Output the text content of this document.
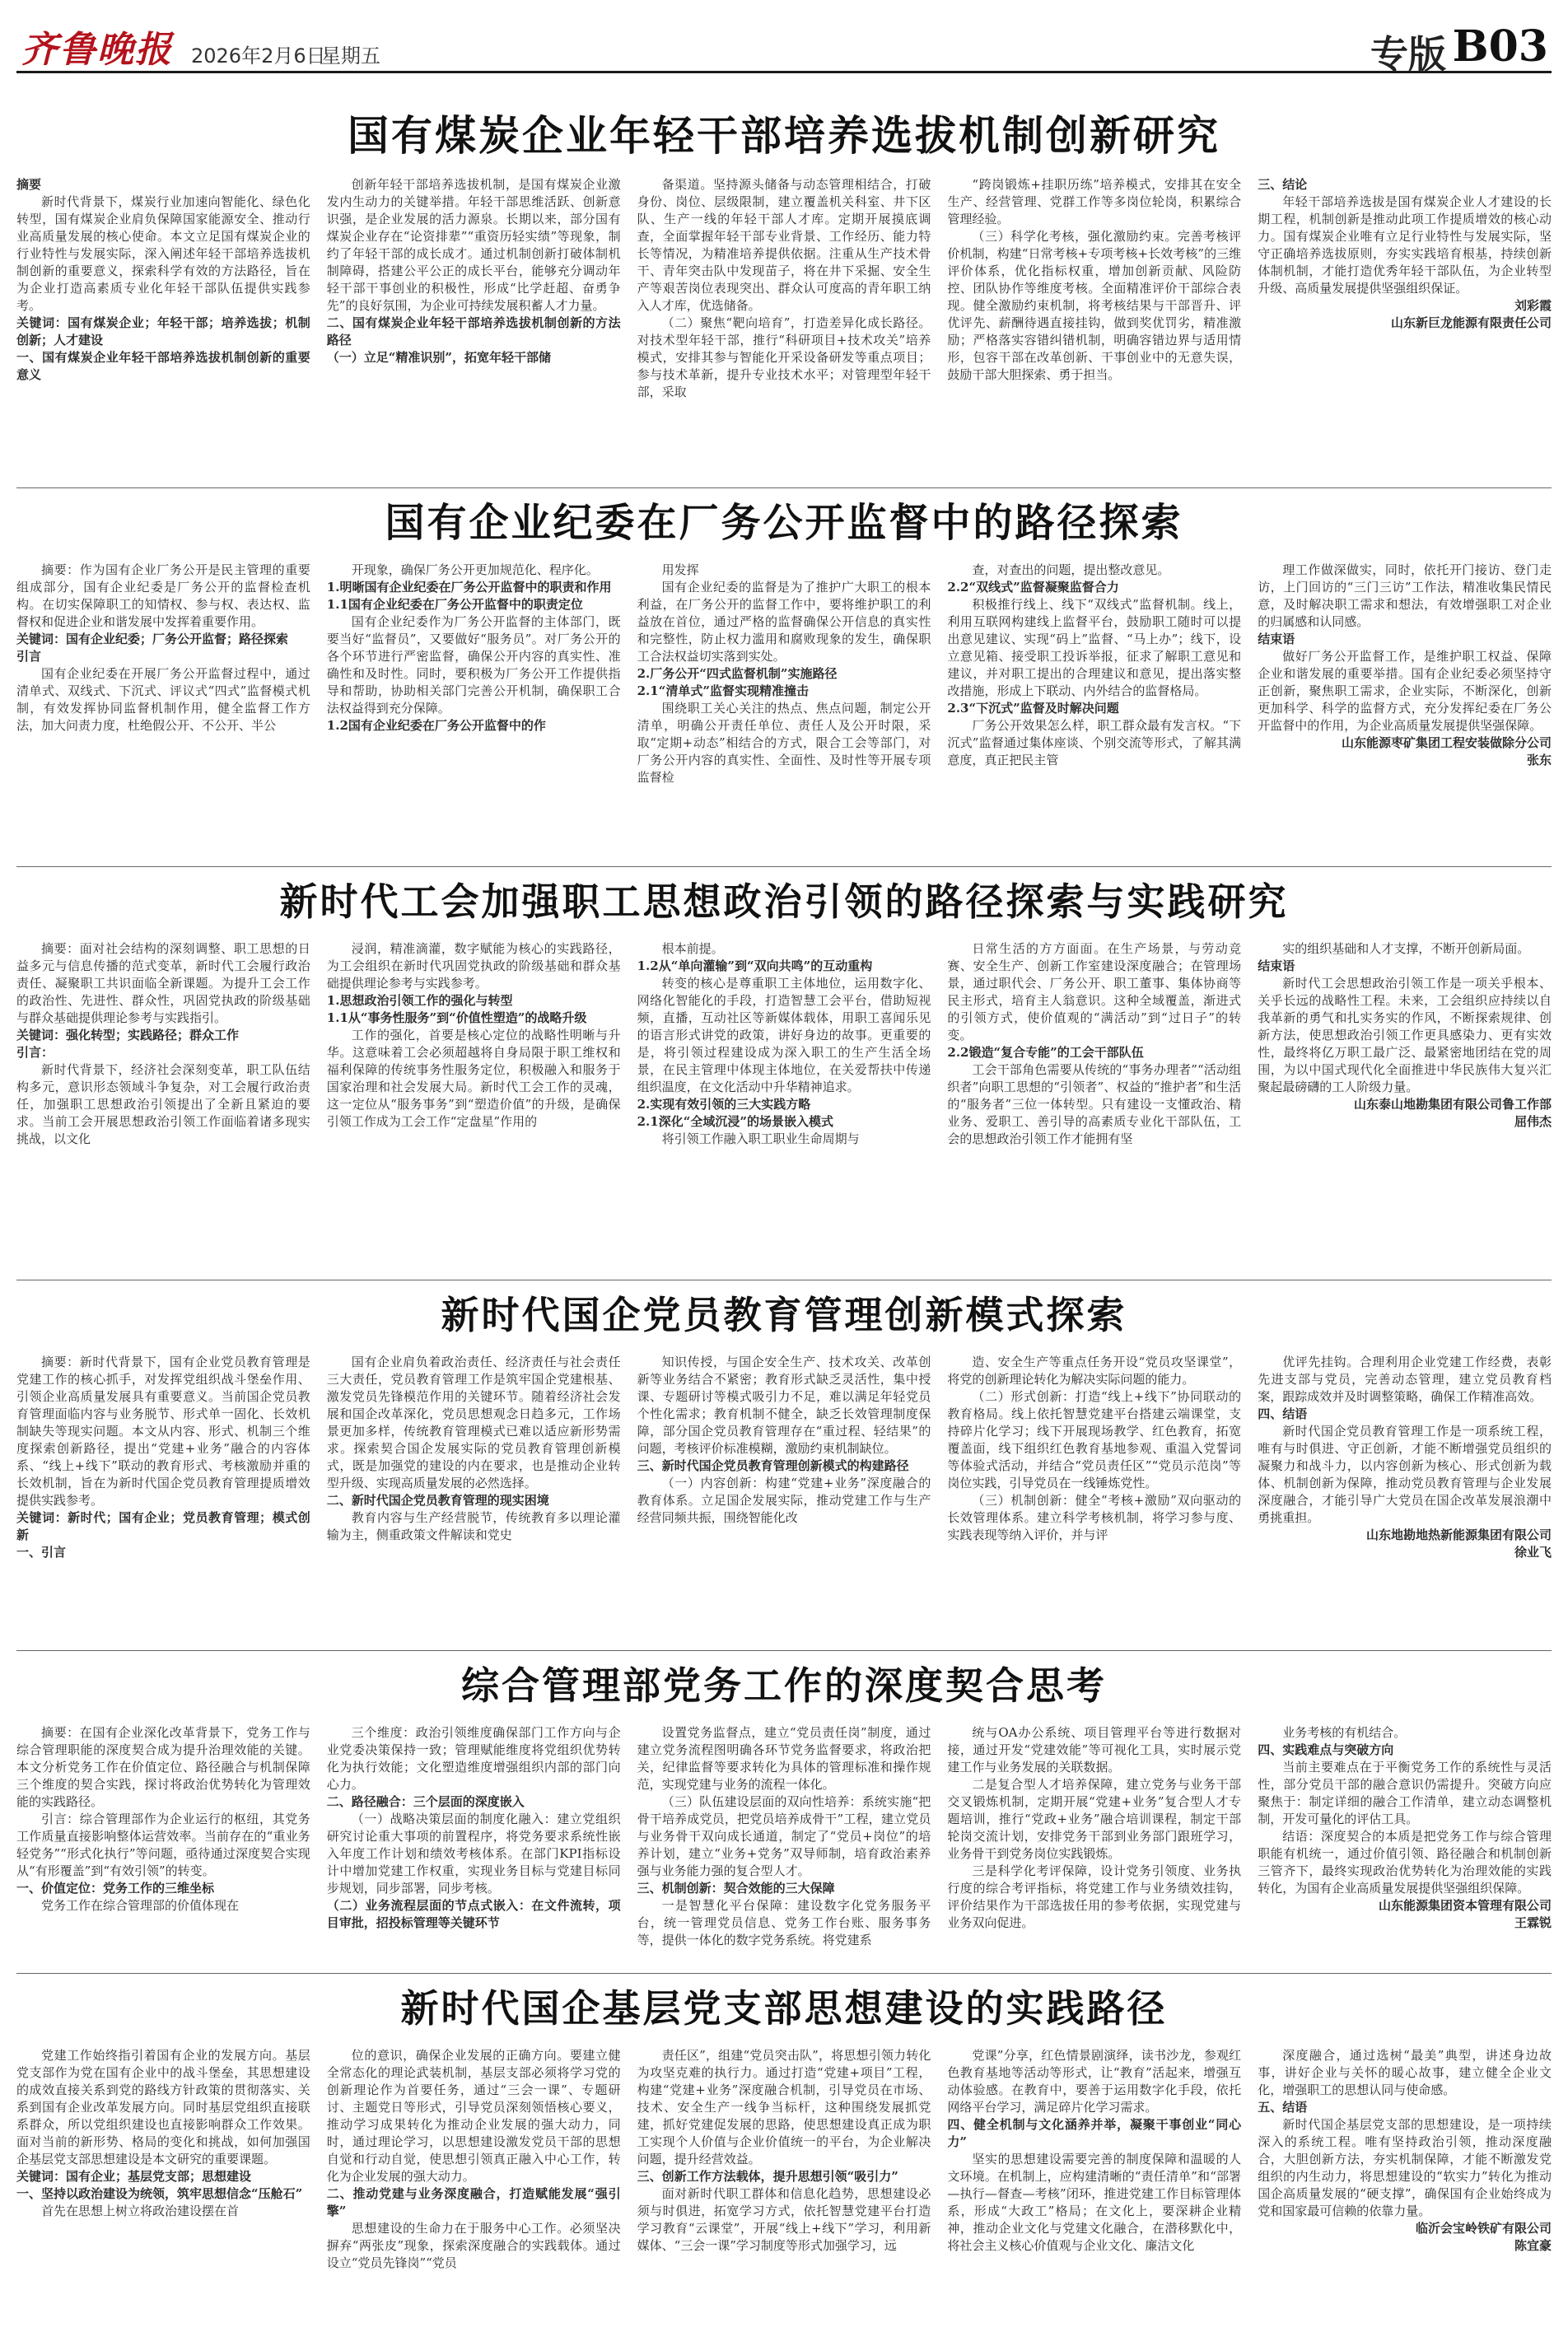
齐鲁晚报 2026年2月6日
星期五	专版 B03
国有煤炭企业年轻干部培养选拔机制创新研究

摘要

新时代背景下，煤炭行业加速向智能化、绿色化转型，国有煤炭企业肩负保障国家能源安全、推动行业高质量发展的核心使命。本文立足国有煤炭企业的行业特性与发展实际，深入阐述年轻干部培养选拔机制创新的重要意义，探索科学有效的方法路径，旨在为企业打造高素质专业化年轻干部队伍提供实践参考。

关键词：国有煤炭企业；年轻干部；培养选拔；机制创新；人才建设

一、国有煤炭企业年轻干部培养选拔机制创新的重要意义

创新年轻干部培养选拔机制，是国有煤炭企业激发内生动力的关键举措。年轻干部思维活跃、创新意识强，是企业发展的活力源泉。长期以来，部分国有煤炭企业存在“论资排辈”“重资历轻实绩”等现象，制约了年轻干部的成长成才。通过机制创新打破体制机制障碍，搭建公平公正的成长平台，能够充分调动年轻干部干事创业的积极性，形成“比学赶超、奋勇争先”的良好氛围，为企业可持续发展积蓄人才力量。

二、国有煤炭企业年轻干部培养选拔机制创新的方法路径

（一）立足“精准识别”，拓宽年轻干部储

备渠道。坚持源头储备与动态管理相结合，打破身份、岗位、层级限制，建立覆盖机关科室、井下区队、生产一线的年轻干部人才库。定期开展摸底调查，全面掌握年轻干部专业背景、工作经历、能力特长等情况，为精准培养提供依据。注重从生产技术骨干、青年突击队中发现苗子，将在井下采掘、安全生产等艰苦岗位表现突出、群众认可度高的青年职工纳入人才库，优选储备。

（二）聚焦“靶向培育”，打造差异化成长路径。对技术型年轻干部，推行“科研项目+技术攻关”培养模式，安排其参与智能化开采设备研发等重点项目；参与技术革新，提升专业技术水平；对管理型年轻干部，采取

“跨岗锻炼+挂职历练”培养模式，安排其在安全生产、经营管理、党群工作等多岗位轮岗，积累综合管理经验。

（三）科学化考核，强化激励约束。完善考核评价机制，构建“日常考核+专项考核+长效考核”的三维评价体系，优化指标权重，增加创新贡献、风险防控、团队协作等维度考核。全面精准评价干部综合表现。健全激励约束机制，将考核结果与干部晋升、评优评先、薪酬待遇直接挂钩，做到奖优罚劣，精准激励；严格落实容错纠错机制，明确容错边界与适用情形，包容干部在改革创新、干事创业中的无意失误，鼓励干部大胆探索、勇于担当。

三、结论

年轻干部培养选拔是国有煤炭企业人才建设的长期工程，机制创新是推动此项工作提质增效的核心动力。国有煤炭企业唯有立足行业特性与发展实际，坚守正确培养选拔原则，夯实实践培育根基，持续创新体制机制，才能打造优秀年轻干部队伍，为企业转型升级、高质量发展提供坚强组织保证。

刘彩霞

山东新巨龙能源有限责任公司

国有企业纪委在厂务公开监督中的路径探索

摘要：作为国有企业厂务公开是民主管理的重要组成部分，国有企业纪委是厂务公开的监督检查机构。在切实保障职工的知情权、参与权、表达权、监督权和促进企业和谐发展中发挥着重要作用。

关键词：国有企业纪委；厂务公开监督；路径探索

引言

国有企业纪委在开展厂务公开监督过程中，通过清单式、双线式、下沉式、评议式“四式”监督模式机制，有效发挥协同监督机制作用，健全监督工作方法，加大问责力度，杜绝假公开、不公开、半公

开现象，确保厂务公开更加规范化、程序化。

1.明晰国有企业纪委在厂务公开监督中的职责和作用

1.1国有企业纪委在厂务公开监督中的职责定位

国有企业纪委作为厂务公开监督的主体部门，既要当好“监督员”，又要做好“服务员”。对厂务公开的各个环节进行严密监督，确保公开内容的真实性、准确性和及时性。同时，要积极为厂务公开工作提供指导和帮助，协助相关部门完善公开机制，确保职工合法权益得到充分保障。

1.2国有企业纪委在厂务公开监督中的作

用发挥

国有企业纪委的监督是为了推护广大职工的根本利益，在厂务公开的监督工作中，要将维护职工的利益放在首位，通过严格的监督确保公开信息的真实性和完整性，防止权力滥用和腐败现象的发生，确保职工合法权益切实落到实处。

2.厂务公开“四式监督机制”实施路径

2.1“清单式”监督实现精准撞击

围绕职工关心关注的热点、焦点问题，制定公开清单，明确公开责任单位、责任人及公开时限，采取“定期+动态”相结合的方式，限合工会等部门，对厂务公开内容的真实性、全面性、及时性等开展专项监督检

查，对查出的问题，提出整改意见。

2.2“双线式”监督凝聚监督合力

积极推行线上、线下“双线式”监督机制。线上，利用互联网构建线上监督平台，鼓励职工随时可以提出意见建议、实现“码上”监督、“马上办”；线下，设立意见箱、接受职工投诉举报，征求了解职工意见和建议，并对职工提出的合理建议和意见，提出落实整改措施，形成上下联动、内外结合的监督格局。

2.3“下沉式”监督及时解决问题

厂务公开效果怎么样，职工群众最有发言权。“下沉式”监督通过集体座谈、个别交流等形式，了解其满意度，真正把民主管

理工作做深做实，同时，依托开门接访、登门走访，上门回访的“三门三访”工作法，精准收集民情民意，及时解决职工需求和想法，有效增强职工对企业的归属感和认同感。

结束语

做好厂务公开监督工作，是维护职工权益、保障企业和谐发展的重要举措。国有企业纪委必须坚持守正创新，聚焦职工需求，企业实际，不断深化，创新更加科学、科学的监督方式，充分发挥纪委在厂务公开监督中的作用，为企业高质量发展提供坚强保障。

山东能源枣矿集团工程安装做除分公司

张东

新时代工会加强职工思想政治引领的路径探索与实践研究

摘要：面对社会结构的深刻调整、职工思想的日益多元与信息传播的范式变革，新时代工会履行政治责任、凝聚职工共识面临全新课题。为提升工会工作的政治性、先进性、群众性，巩固党执政的阶级基础与群众基础提供理论参考与实践指引。

关键词：强化转型；实践路径；群众工作

引言：

新时代背景下，经济社会深刻变革，职工队伍结构多元，意识形态领域斗争复杂，对工会履行政治责任，加强职工思想政治引领提出了全新且紧迫的要求。当前工会开展思想政治引领工作面临着诸多现实挑战，以文化

浸润，精准滴灌，数字赋能为核心的实践路径，为工会组织在新时代巩固党执政的阶级基础和群众基础提供理论参考与实践参考。

1.思想政治引领工作的强化与转型

1.1从“事务性服务”到“价值性塑造”的战略升级

工作的强化，首要是核心定位的战略性明晰与升华。这意味着工会必须超越将自身局限于职工维权和福利保障的传统事务性服务定位，积极融入和服务于国家治理和社会发展大局。新时代工会工作的灵魂，这一定位从“服务事务”到“塑造价值”的升级，是确保引领工作成为工会工作“定盘星”作用的

根本前提。

1.2从“单向灌输”到“双向共鸣”的互动重构

转变的核心是尊重职工主体地位，运用数字化、网络化智能化的手段，打造智慧工会平台，借助短视频，直播，互动社区等新媒体载体，用职工喜闻乐见的语言形式讲党的政策，讲好身边的故事。更重要的是，将引领过程建设成为深入职工的生产生活全场景，在民主管理中体现主体地位，在关爱帮扶中传递组织温度，在文化活动中升华精神追求。

2.实现有效引领的三大实践方略

2.1深化“全域沉浸”的场景嵌入模式

将引领工作融入职工职业生命周期与

日常生活的方方面面。在生产场景，与劳动竞赛、安全生产、创新工作室建设深度融合；在管理场景，通过职代会、厂务公开、职工董事、集体协商等民主形式，培育主人翁意识。这种全域覆盖，渐进式的引领方式，使价值观的“满活动”到“过日子”的转变。

2.2锻造“复合专能”的工会干部队伍

工会干部角色需要从传统的“事务办理者”“活动组织者”向职工思想的“引领者”、权益的“推护者”和生活的“服务者”三位一体转型。只有建设一支懂政治、精业务、爱职工、善引导的高素质专业化干部队伍，工会的思想政治引领工作才能拥有坚

实的组织基础和人才支撑，不断开创新局面。

结束语

新时代工会思想政治引领工作是一项关乎根本、关乎长远的战略性工程。未来，工会组织应持续以自我革新的勇气和扎实务实的作风，不断探索规律、创新方法，使思想政治引领工作更具感染力、更有实效性，最终将亿万职工最广泛、最紧密地团结在党的周围，为以中国式现代化全面推进中华民族伟大复兴汇聚起最磅礴的工人阶级力量。

山东泰山地勘集团有限公司鲁工作部

屈伟杰

新时代国企党员教育管理创新模式探索

摘要：新时代背景下，国有企业党员教育管理是党建工作的核心抓手，对发挥党组织战斗堡垒作用、引领企业高质量发展具有重要意义。当前国企党员教育管理面临内容与业务脱节、形式单一固化、长效机制缺失等现实问题。本文从内容、形式、机制三个维度探索创新路径，提出“党建+业务”融合的内容体系、“线上+线下”联动的教育形式、考核激励并重的长效机制，旨在为新时代国企党员教育管理提质增效提供实践参考。

关键词：新时代；国有企业；党员教育管理；模式创新

一、引言

国有企业肩负着政治责任、经济责任与社会责任三大责任，党员教育管理工作是筑牢国企党建根基、激发党员先锋模范作用的关键环节。随着经济社会发展和国企改革深化，党员思想观念日趋多元，工作场景更加多样，传统教育管理模式已难以适应新形势需求。探索契合国企发展实际的党员教育管理创新模式，既是加强党的建设的内在要求，也是推动企业转型升级、实现高质量发展的必然选择。

二、新时代国企党员教育管理的现实困境

教育内容与生产经营脱节，传统教育多以理论灌输为主，侧重政策文件解读和党史

知识传授，与国企安全生产、技术攻关、改革创新等业务结合不紧密；教育形式缺乏灵活性，集中授课、专题研讨等模式吸引力不足，难以满足年轻党员个性化需求；教育机制不健全，缺乏长效管理制度保障，部分国企党员教育管理存在“重过程、轻结果”的问题，考核评价标准模糊，激励约束机制缺位。

三、新时代国企党员教育管理创新模式的构建路径

（一）内容创新：构建“党建+业务”深度融合的教育体系。立足国企发展实际，推动党建工作与生产经营同频共振，围绕智能化改

造、安全生产等重点任务开设“党员攻坚课堂”，将党的创新理论转化为解决实际问题的能力。

（二）形式创新：打造“线上+线下”协同联动的教育格局。线上依托智慧党建平台搭建云端课堂，支持碎片化学习；线下开展现场教学、红色教育，拓宽覆盖面，线下组织红色教育基地参观、重温入党誓词等体验式活动，并结合“党员责任区”“党员示范岗”等岗位实践，引导党员在一线锤炼党性。

（三）机制创新：健全“考核+激励”双向驱动的长效管理体系。建立科学考核机制，将学习参与度、实践表现等纳入评价，并与评

优评先挂钩。合理利用企业党建工作经费，表彰先进支部与党员，完善动态管理，建立党员教育档案，跟踪成效并及时调整策略，确保工作精准高效。

四、结语

新时代国企党员教育管理工作是一项系统工程，唯有与时俱进、守正创新，才能不断增强党员组织的凝聚力和战斗力，以内容创新为核心、形式创新为载体、机制创新为保障，推动党员教育管理与企业发展深度融合，才能引导广大党员在国企改革发展浪潮中勇挑重担。

山东地勘地热新能源集团有限公司

徐业飞

综合管理部党务工作的深度契合思考

摘要：在国有企业深化改革背景下，党务工作与综合管理职能的深度契合成为提升治理效能的关键。本文分析党务工作在价值定位、路径融合与机制保障三个维度的契合实践，探讨将政治优势转化为管理效能的实践路径。

引言：综合管理部作为企业运行的枢纽，其党务工作质量直接影响整体运营效率。当前存在的“重业务轻党务”“形式化执行”等问题，亟待通过深度契合实现从“有形覆盖”到“有效引领”的转变。

一、价值定位：党务工作的三维坐标

党务工作在综合管理部的价值体现在

三个维度：政治引领维度确保部门工作方向与企业党委决策保持一致；管理赋能维度将党组织优势转化为执行效能；文化塑造维度增强组织内部的部门向心力。

二、路径融合：三个层面的深度嵌入

（一）战略决策层面的制度化融入：建立党组织研究讨论重大事项的前置程序，将党务要求系统性嵌入年度工作计划和绩效考核体系。在部门KPI指标设计中增加党建工作权重，实现业务目标与党建目标同步规划，同步部署，同步考核。

（二）业务流程层面的节点式嵌入：在文件流转，项目审批，招投标管理等关键环节

设置党务监督点，建立“党员责任岗”制度，通过建立党务流程图明确各环节党务监督要求，将政治把关，纪律监督等要求转化为具体的管理标准和操作规范，实现党建与业务的流程一体化。

（三）队伍建设层面的双向性培养：系统实施“把骨干培养成党员，把党员培养成骨干”工程，建立党员与业务骨干双向成长通道，制定了“党员+岗位”的培养计划，建立“业务+党务”双导师制，培育政治素养强与业务能力强的复合型人才。

三、机制创新：契合效能的三大保障

一是智慧化平台保障：建设数字化党务服务平台，统一管理党员信息、党务工作台账、服务事务等，提供一体化的数字党务系统。将党建系

统与OA办公系统、项目管理平台等进行数据对接，通过开发“党建效能”等可视化工具，实时展示党建工作与业务发展的关联数据。

二是复合型人才培养保障，建立党务与业务干部交叉锻炼机制，定期开展“党建+业务”复合型人才专题培训，推行“党政+业务”融合培训课程，制定干部轮岗交流计划，安排党务干部到业务部门跟班学习，业务骨干到党务岗位实践锻炼。

三是科学化考评保障，设计党务引领度、业务执行度的综合考评指标，将党建工作与业务绩效挂钩，评价结果作为干部选拔任用的参考依据，实现党建与业务双向促进。

业务考核的有机结合。

四、实践难点与突破方向

当前主要难点在于平衡党务工作的系统性与灵活性，部分党员干部的融合意识仍需提升。突破方向应聚焦于：制定详细的融合工作清单，建立动态调整机制，开发可量化的评估工具。

结语：深度契合的本质是把党务工作与综合管理职能有机统一，通过价值引领、路径融合和机制创新三管齐下，最终实现政治优势转化为治理效能的实践转化，为国有企业高质量发展提供坚强组织保障。

山东能源集团资本管理有限公司

王霖锐

新时代国企基层党支部思想建设的实践路径

党建工作始终指引着国有企业的发展方向。基层党支部作为党在国有企业中的战斗堡垒，其思想建设的成效直接关系到党的路线方针政策的贯彻落实、关系到国有企业改革发展方向。同时基层党组织直接联系群众，所以党组织建设也直接影响群众工作效果。面对当前的新形势、格局的变化和挑战，如何加强国企基层党支部思想建设是本文研究的重要课题。

关键词：国有企业；基层党支部；思想建设

一、坚持以政治建设为统领，筑牢思想信念“压舱石”

首先在思想上树立将政治建设摆在首

位的意识，确保企业发展的正确方向。要建立健全常态化的理论武装机制，基层支部必须将学习党的创新理论作为首要任务，通过“三会一课”、专题研讨、主题党日等形式，引导党员深刻领悟核心要义，推动学习成果转化为推动企业发展的强大动力，同时，通过理论学习，以思想建设激发党员干部的思想自觉和行动自觉，使思想引领真正融入中心工作，转化为企业发展的强大动力。

二、推动党建与业务深度融合，打造赋能发展“强引擎”

思想建设的生命力在于服务中心工作。必须坚决摒弃“两张皮”现象，探索深度融合的实践载体。通过设立“党员先锋岗”“党员

责任区”，组建“党员突击队”，将思想引领力转化为攻坚克难的执行力。通过打造“党建+项目”工程，构建“党建+业务”深度融合机制，引导党员在市场、技术、安全生产一线争当标杆，这种围绕发展抓党建，抓好党建促发展的思路，使思想建设真正成为职工实现个人价值与企业价值统一的平台，为企业解决问题，提升经营效益。

三、创新工作方法载体，提升思想引领“吸引力”

面对新时代职工群体和信息化趋势，思想建设必须与时俱进，拓宽学习方式，依托智慧党建平台打造学习教育“云课堂”，开展“线上+线下”学习，利用新媒体、“三会一课”学习制度等形式加强学习，远

党课”分享，红色情景剧演绎，读书沙龙，参观红色教育基地等活动等形式，让“教育”活起来，增强互动体验感。在教育中，要善于运用数字化手段，依托网络平台学习，满足碎片化学习需求。

四、健全机制与文化涵养并举，凝聚干事创业“同心力”

坚实的思想建设需要完善的制度保障和温暖的人文环境。在机制上，应构建清晰的“责任清单”和“部署—执行—督查—考核”闭环，推进党建工作目标管理体系，形成“大政工”格局；在文化上，要深耕企业精神，推动企业文化与党建文化融合，在潜移默化中，将社会主义核心价值观与企业文化、廉洁文化

深度融合，通过选树“最美”典型，讲述身边故事，讲好企业与关怀的暖心故事，建立健全企业文化，增强职工的思想认同与使命感。

五、结语

新时代国企基层党支部的思想建设，是一项持续深入的系统工程。唯有坚持政治引领，推动深度融合，大胆创新方法，夯实机制保障，才能不断激发党组织的内生动力，将思想建设的“软实力”转化为推动国企高质量发展的“硬支撑”，确保国有企业始终成为党和国家最可信赖的依靠力量。

临沂会宝岭铁矿有限公司

陈宜豪
